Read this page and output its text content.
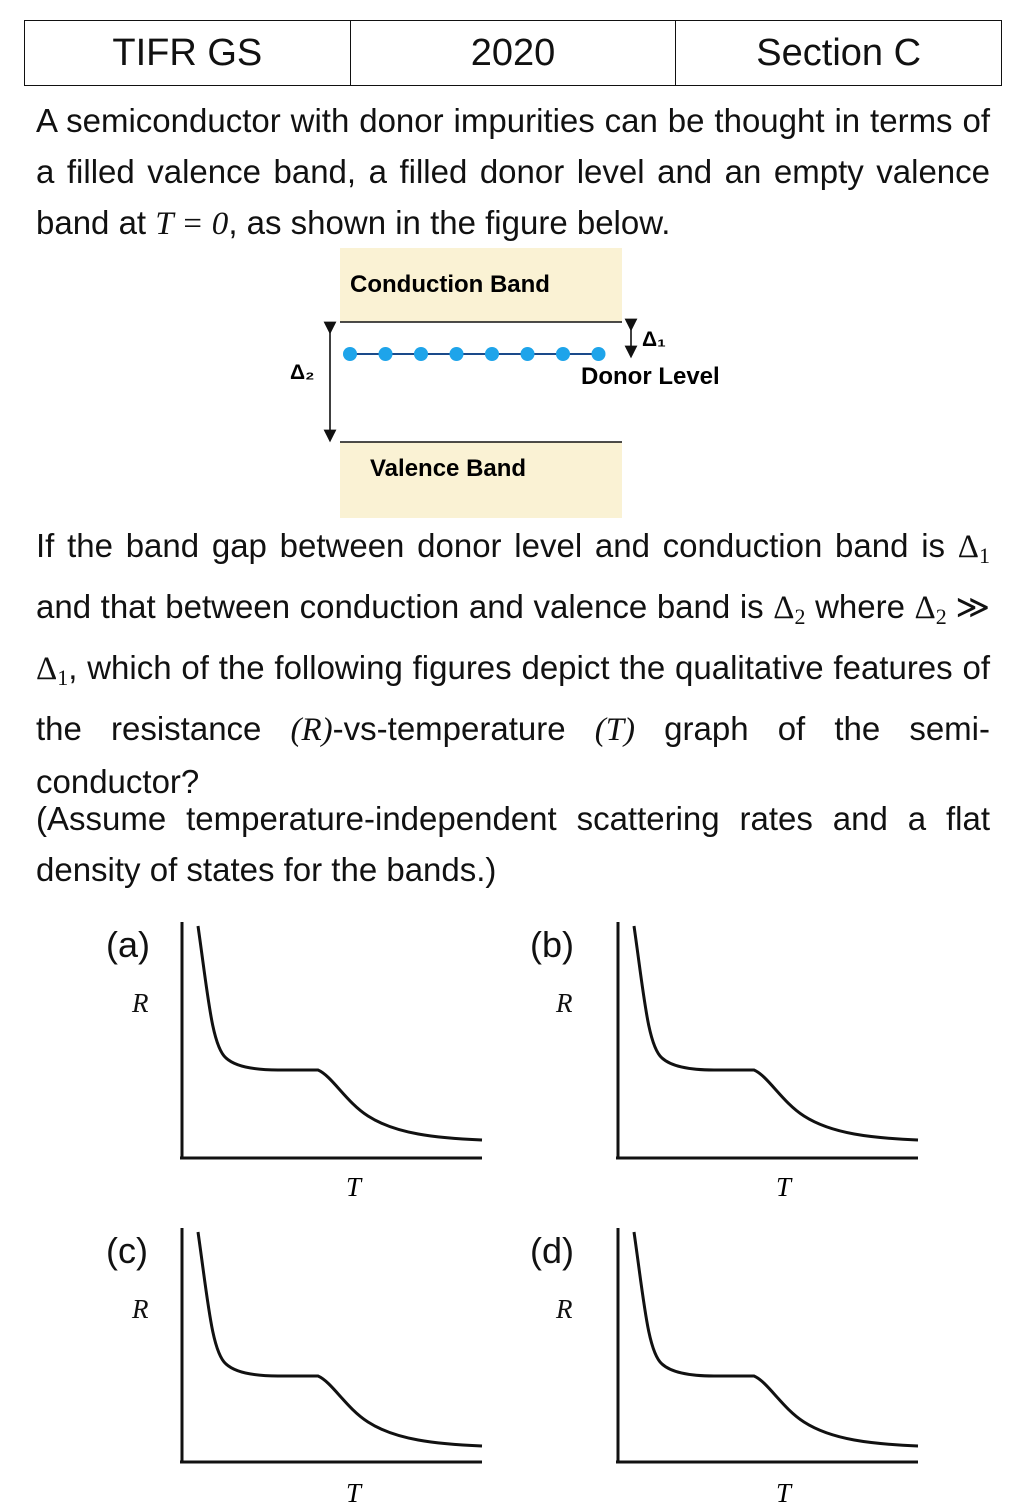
TIFR GS	2020	Section C
A semiconductor with donor impurities can be thought in terms of a filled valence band, a filled donor level and an empty valence band at T = 0, as shown in the figure below.
Δ₂
Δ₁
Conduction Band
Donor Level
Valence Band
If the band gap between donor level and conduction band is $\Delta_1$ and that between conduction and valence band is $\Delta_2$ where $\Delta_2$ ≫ $\Delta_1$, which of the following figures depict the qualitative features of the resistance (R)-vs-temperature (T) graph of the semi-conductor?
(Assume temperature-independent scattering rates and a flat density of states for the bands.)
(a)
R
T
(b)
R
T
(c)
R
T
(d)
R
T
